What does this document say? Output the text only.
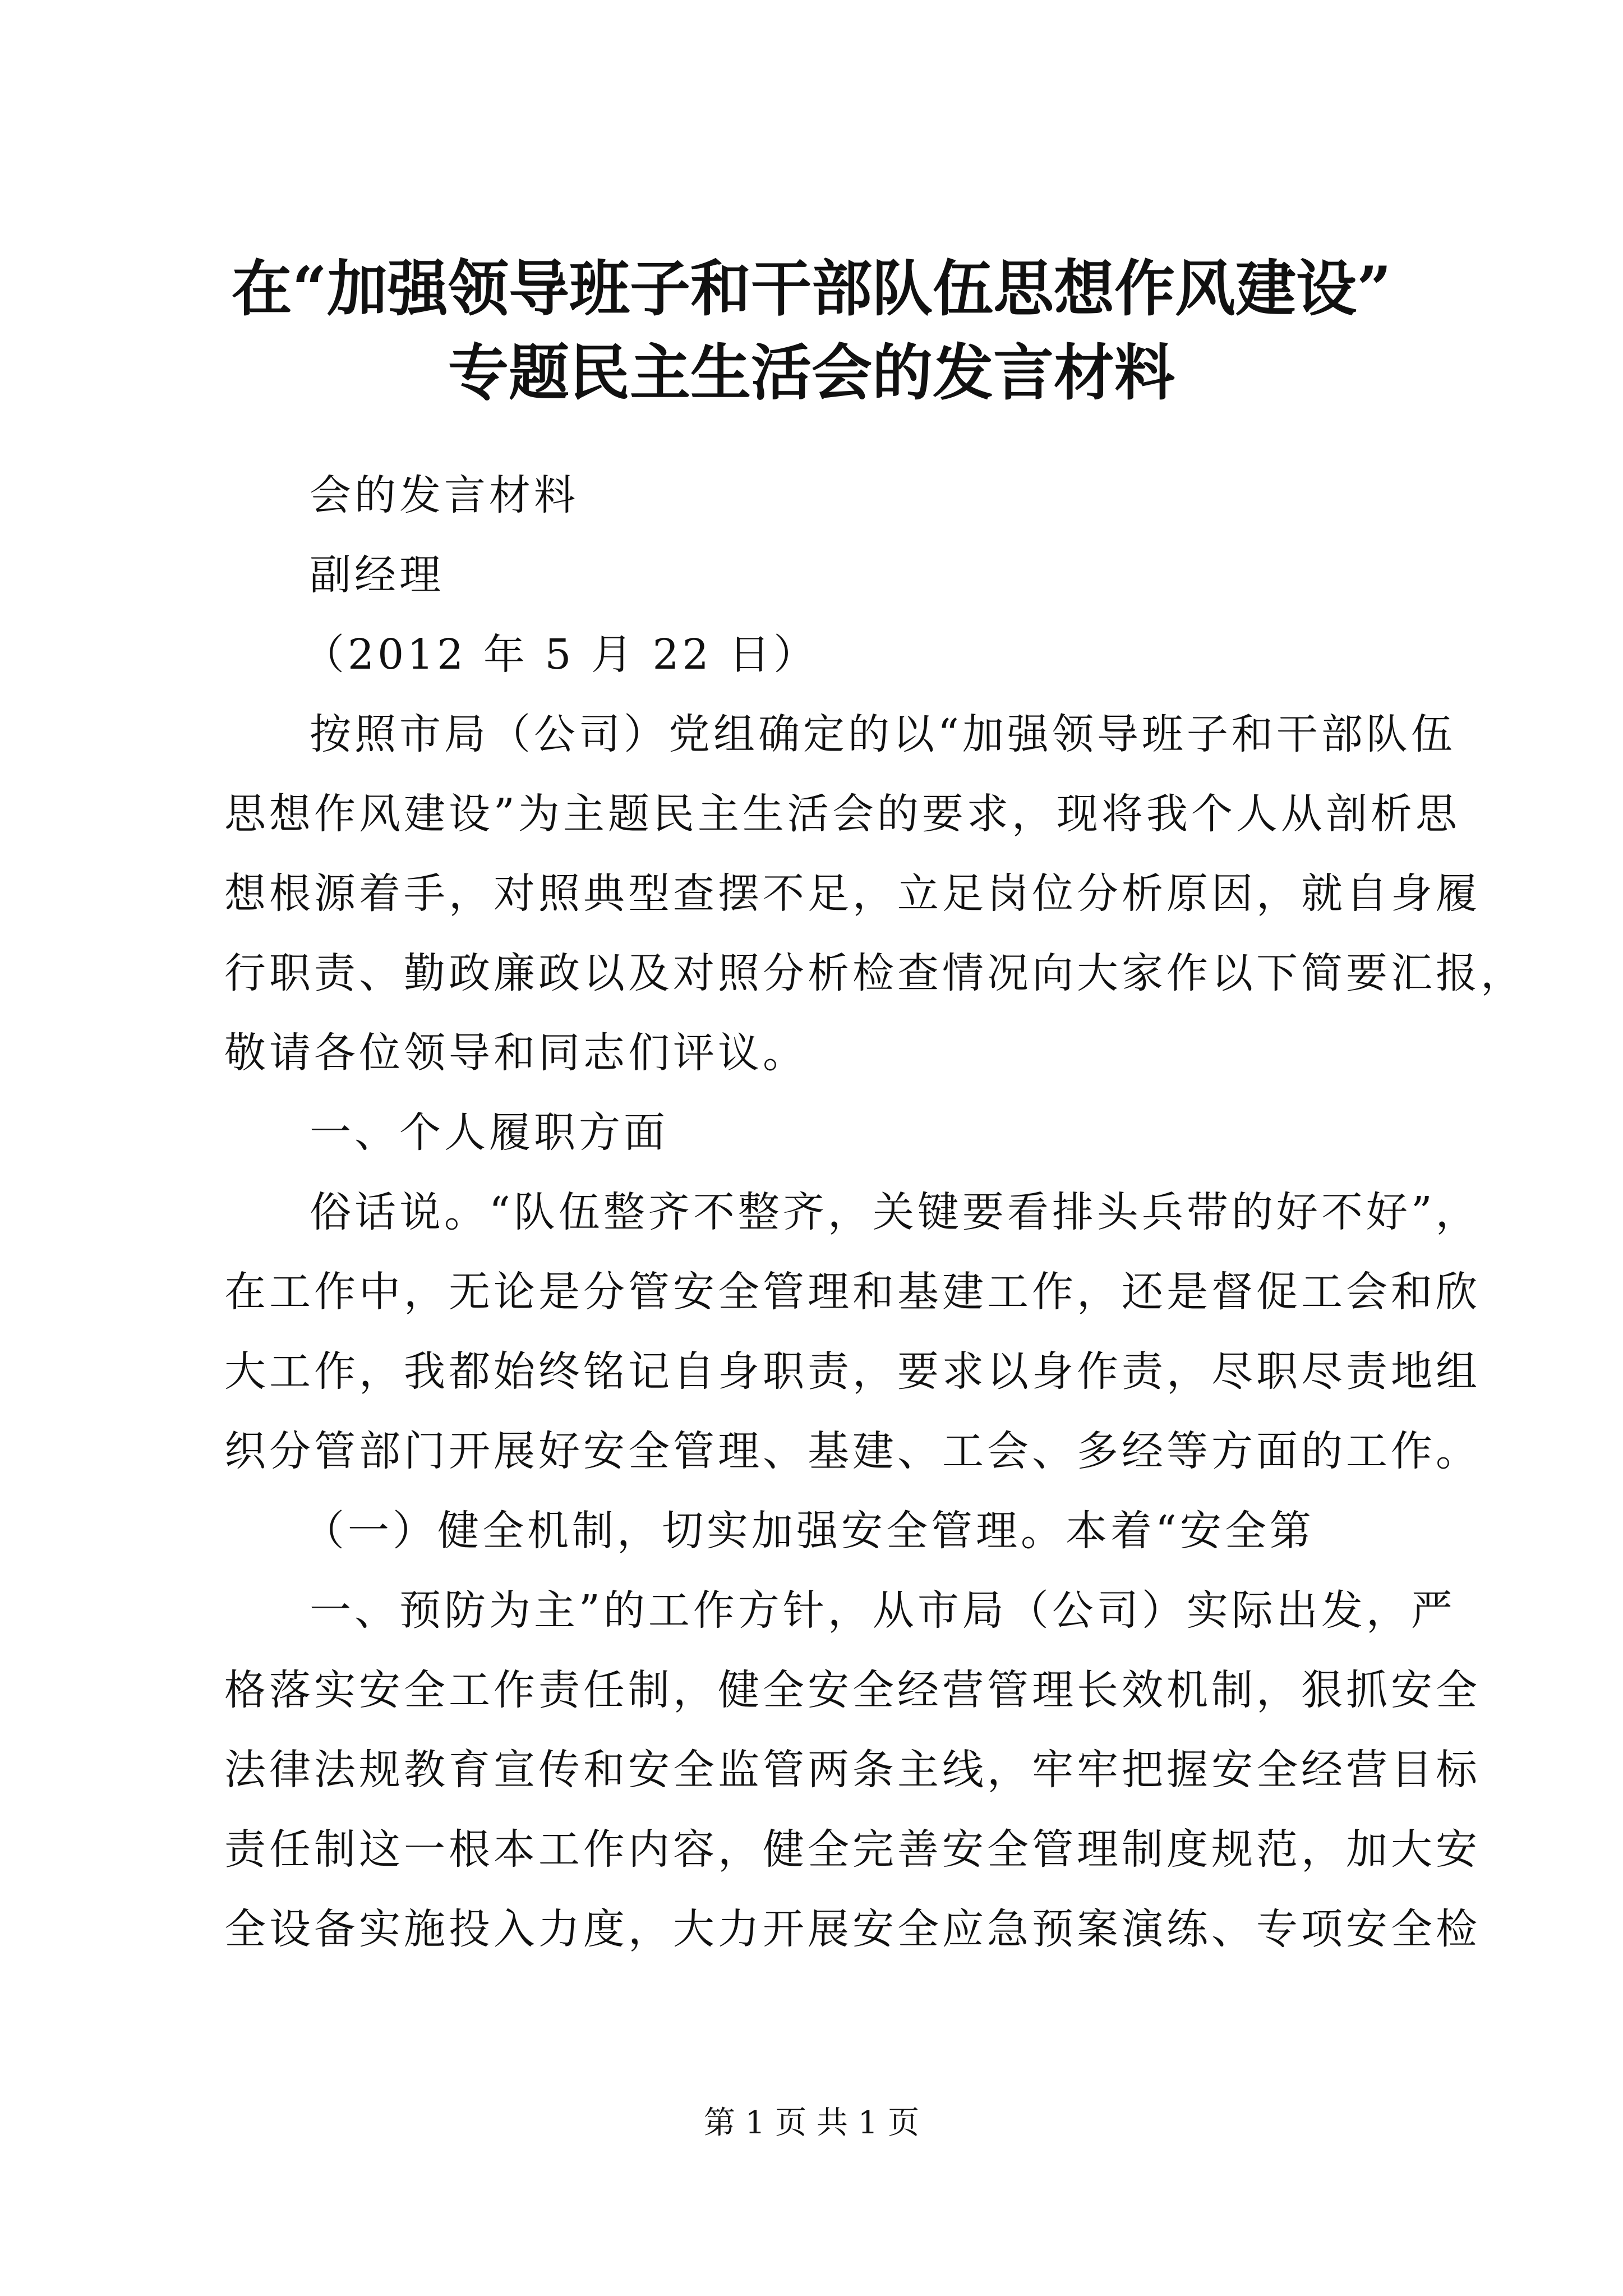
在“加强领导班子和干部队伍思想作风建设”
专题民主生活会的发言材料
会的发言材料
副经理
（2012 年 5 月 22 日）
按照市局（公司）党组确定的以“加强领导班子和干部队伍
思想作风建设”为主题民主生活会的要求，现将我个人从剖析思
想根源着手，对照典型查摆不足，立足岗位分析原因，就自身履
行职责、勤政廉政以及对照分析检查情况向大家作以下简要汇报，
敬请各位领导和同志们评议。
一、个人履职方面
俗话说。“队伍整齐不整齐，关键要看排头兵带的好不好”，
在工作中，无论是分管安全管理和基建工作，还是督促工会和欣
大工作，我都始终铭记自身职责，要求以身作责，尽职尽责地组
织分管部门开展好安全管理、基建、工会、多经等方面的工作。
（一）健全机制，切实加强安全管理。本着“安全第
一、预防为主”的工作方针，从市局（公司）实际出发，严
格落实安全工作责任制，健全安全经营管理长效机制，狠抓安全
法律法规教育宣传和安全监管两条主线，牢牢把握安全经营目标
责任制这一根本工作内容，健全完善安全管理制度规范，加大安
全设备实施投入力度，大力开展安全应急预案演练、专项安全检
第 1 页 共 1 页
